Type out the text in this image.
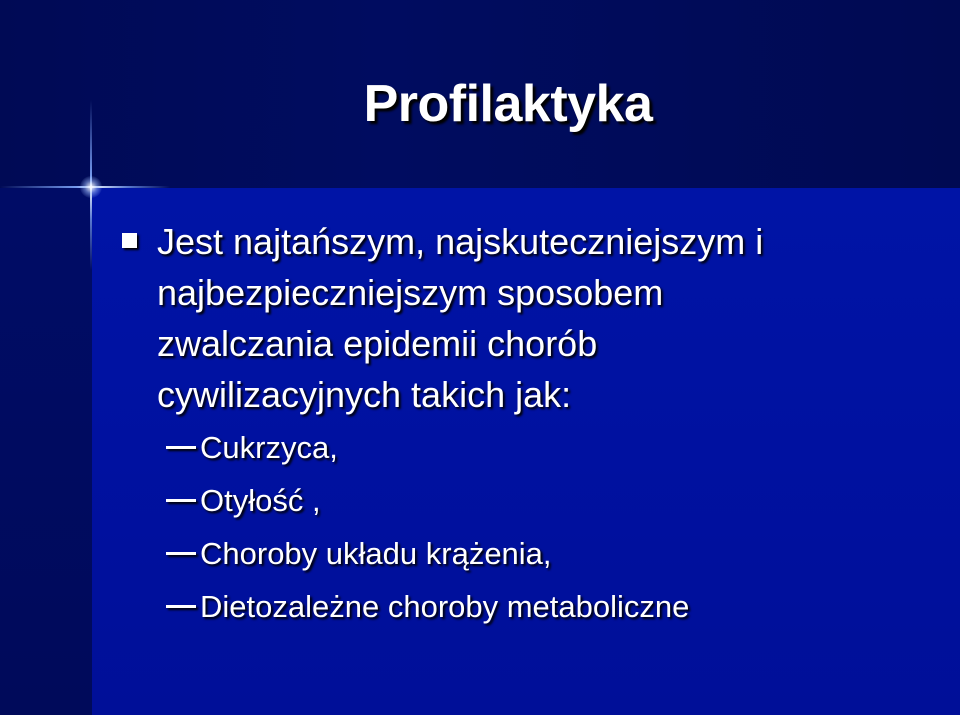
Profilaktyka
Jest najtańszym, najskuteczniejszym i
najbezpieczniejszym sposobem
zwalczania epidemii chorób
cywilizacyjnych takich jak:
Cukrzyca,
Otyłość ,
Choroby układu krążenia,
Dietozależne choroby metaboliczne
